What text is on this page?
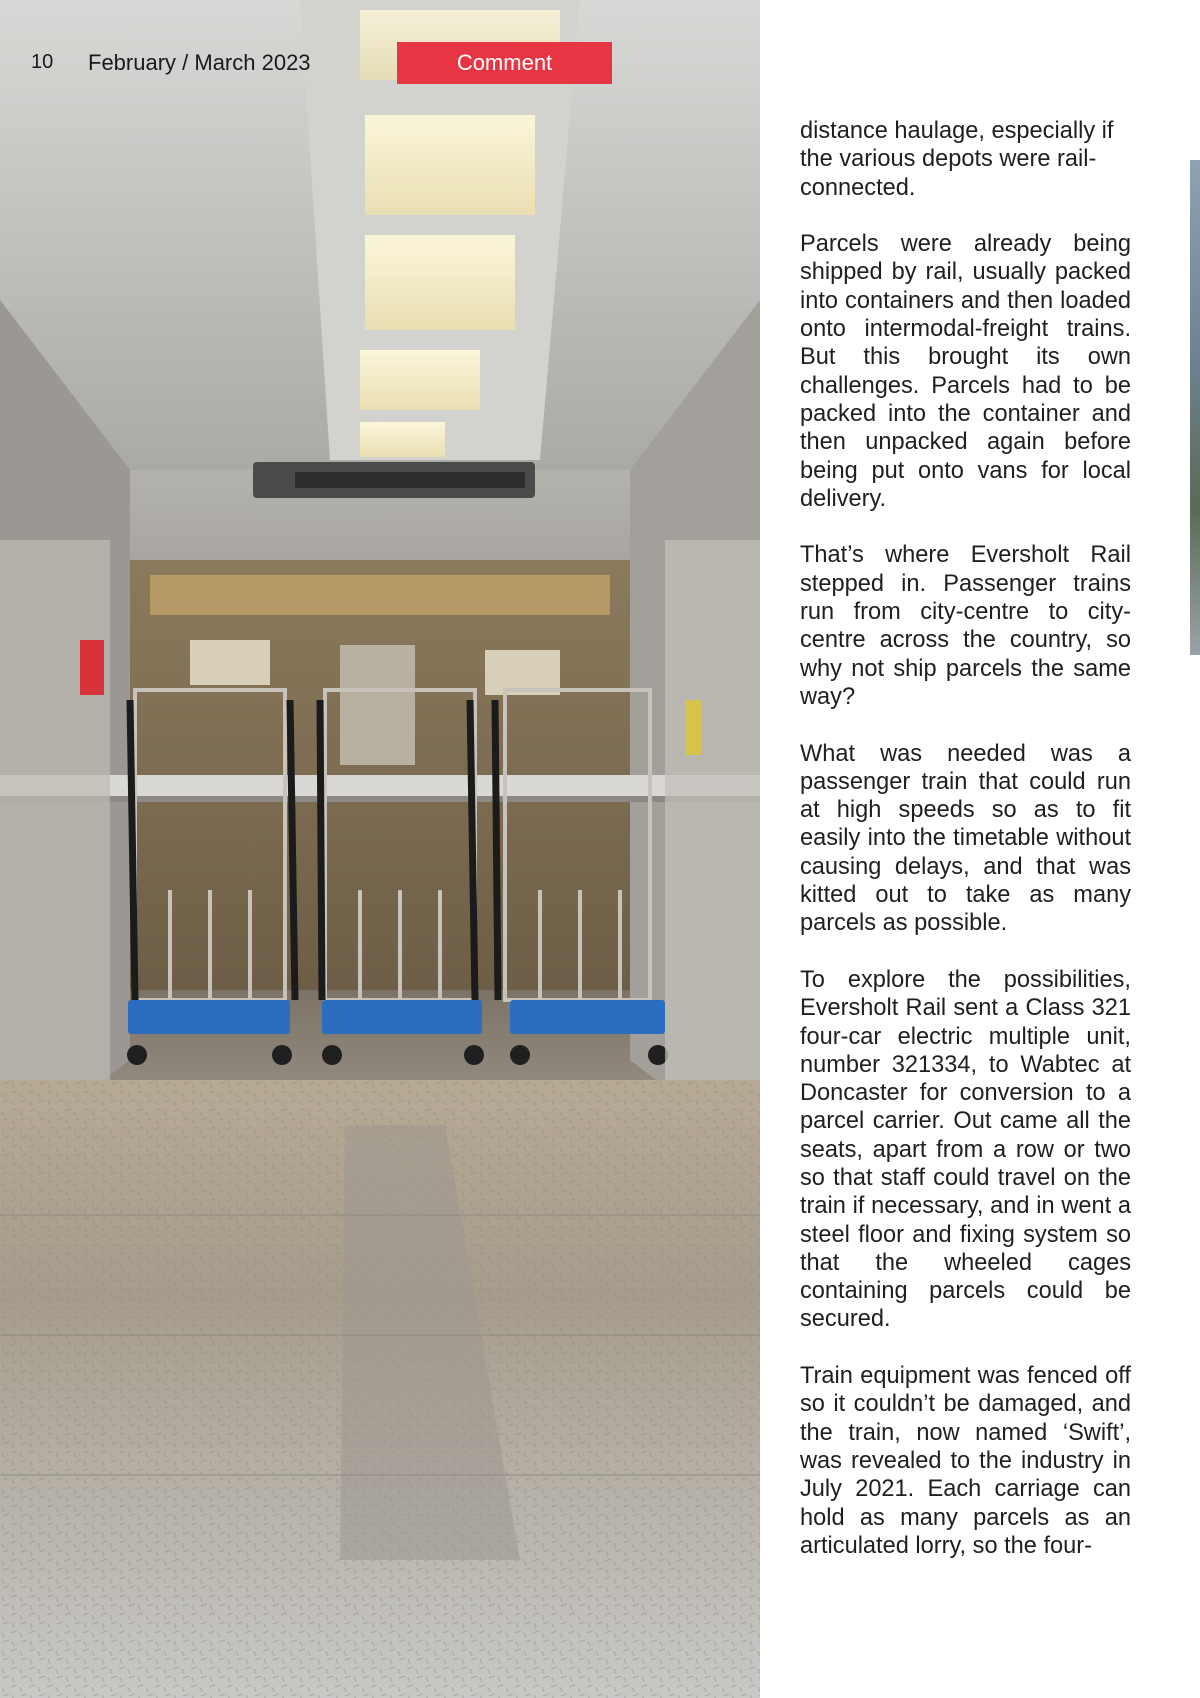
10 February / March 2023	Comment

distance haulage, especially if the various depots were rail-connected.

Parcels were already being shipped by rail, usually packed into containers and then loaded onto intermodal-freight trains. But this brought its own challenges. Parcels had to be packed into the container and then unpacked again before being put onto vans for local delivery.

That’s where Eversholt Rail stepped in. Passenger trains run from city-centre to city-centre across the country, so why not ship parcels the same way?

What was needed was a passenger train that could run at high speeds so as to fit easily into the timetable without causing delays, and that was kitted out to take as many parcels as possible.

To explore the possibilities, Eversholt Rail sent a Class 321 four-car electric multiple unit, number 321334, to Wabtec at Doncaster for conversion to a parcel carrier. Out came all the seats, apart from a row or two so that staff could travel on the train if necessary, and in went a steel floor and fixing system so that the wheeled cages containing parcels could be secured.

Train equipment was fenced off so it couldn’t be damaged, and the train, now named ‘Swift’, was revealed to the industry in July 2021. Each carriage can hold as many parcels as an articulated lorry, so the four-
